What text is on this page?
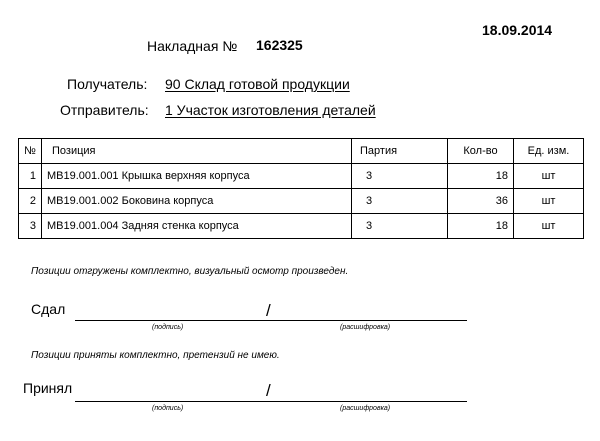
18.09.2014
Накладная № 162325
Получатель: 90 Склад готовой продукции
Отправитель: 1 Участок изготовления деталей
№	Позиция	Партия	Кол-во	Ед. изм.
1	MB19.001.001 Крышка верхняя корпуса	3	18	шт
2	MB19.001.002 Боковина корпуса	3	36	шт
3	MB19.001.004 Задняя стенка корпуса	3	18	шт
Позиции отгружены комплектно, визуальный осмотр произведен.
Сдал	/
(подпись)	(расшифровка)
Позиции приняты комплектно, претензий не имею.
Принял	/
(подпись)	(расшифровка)
